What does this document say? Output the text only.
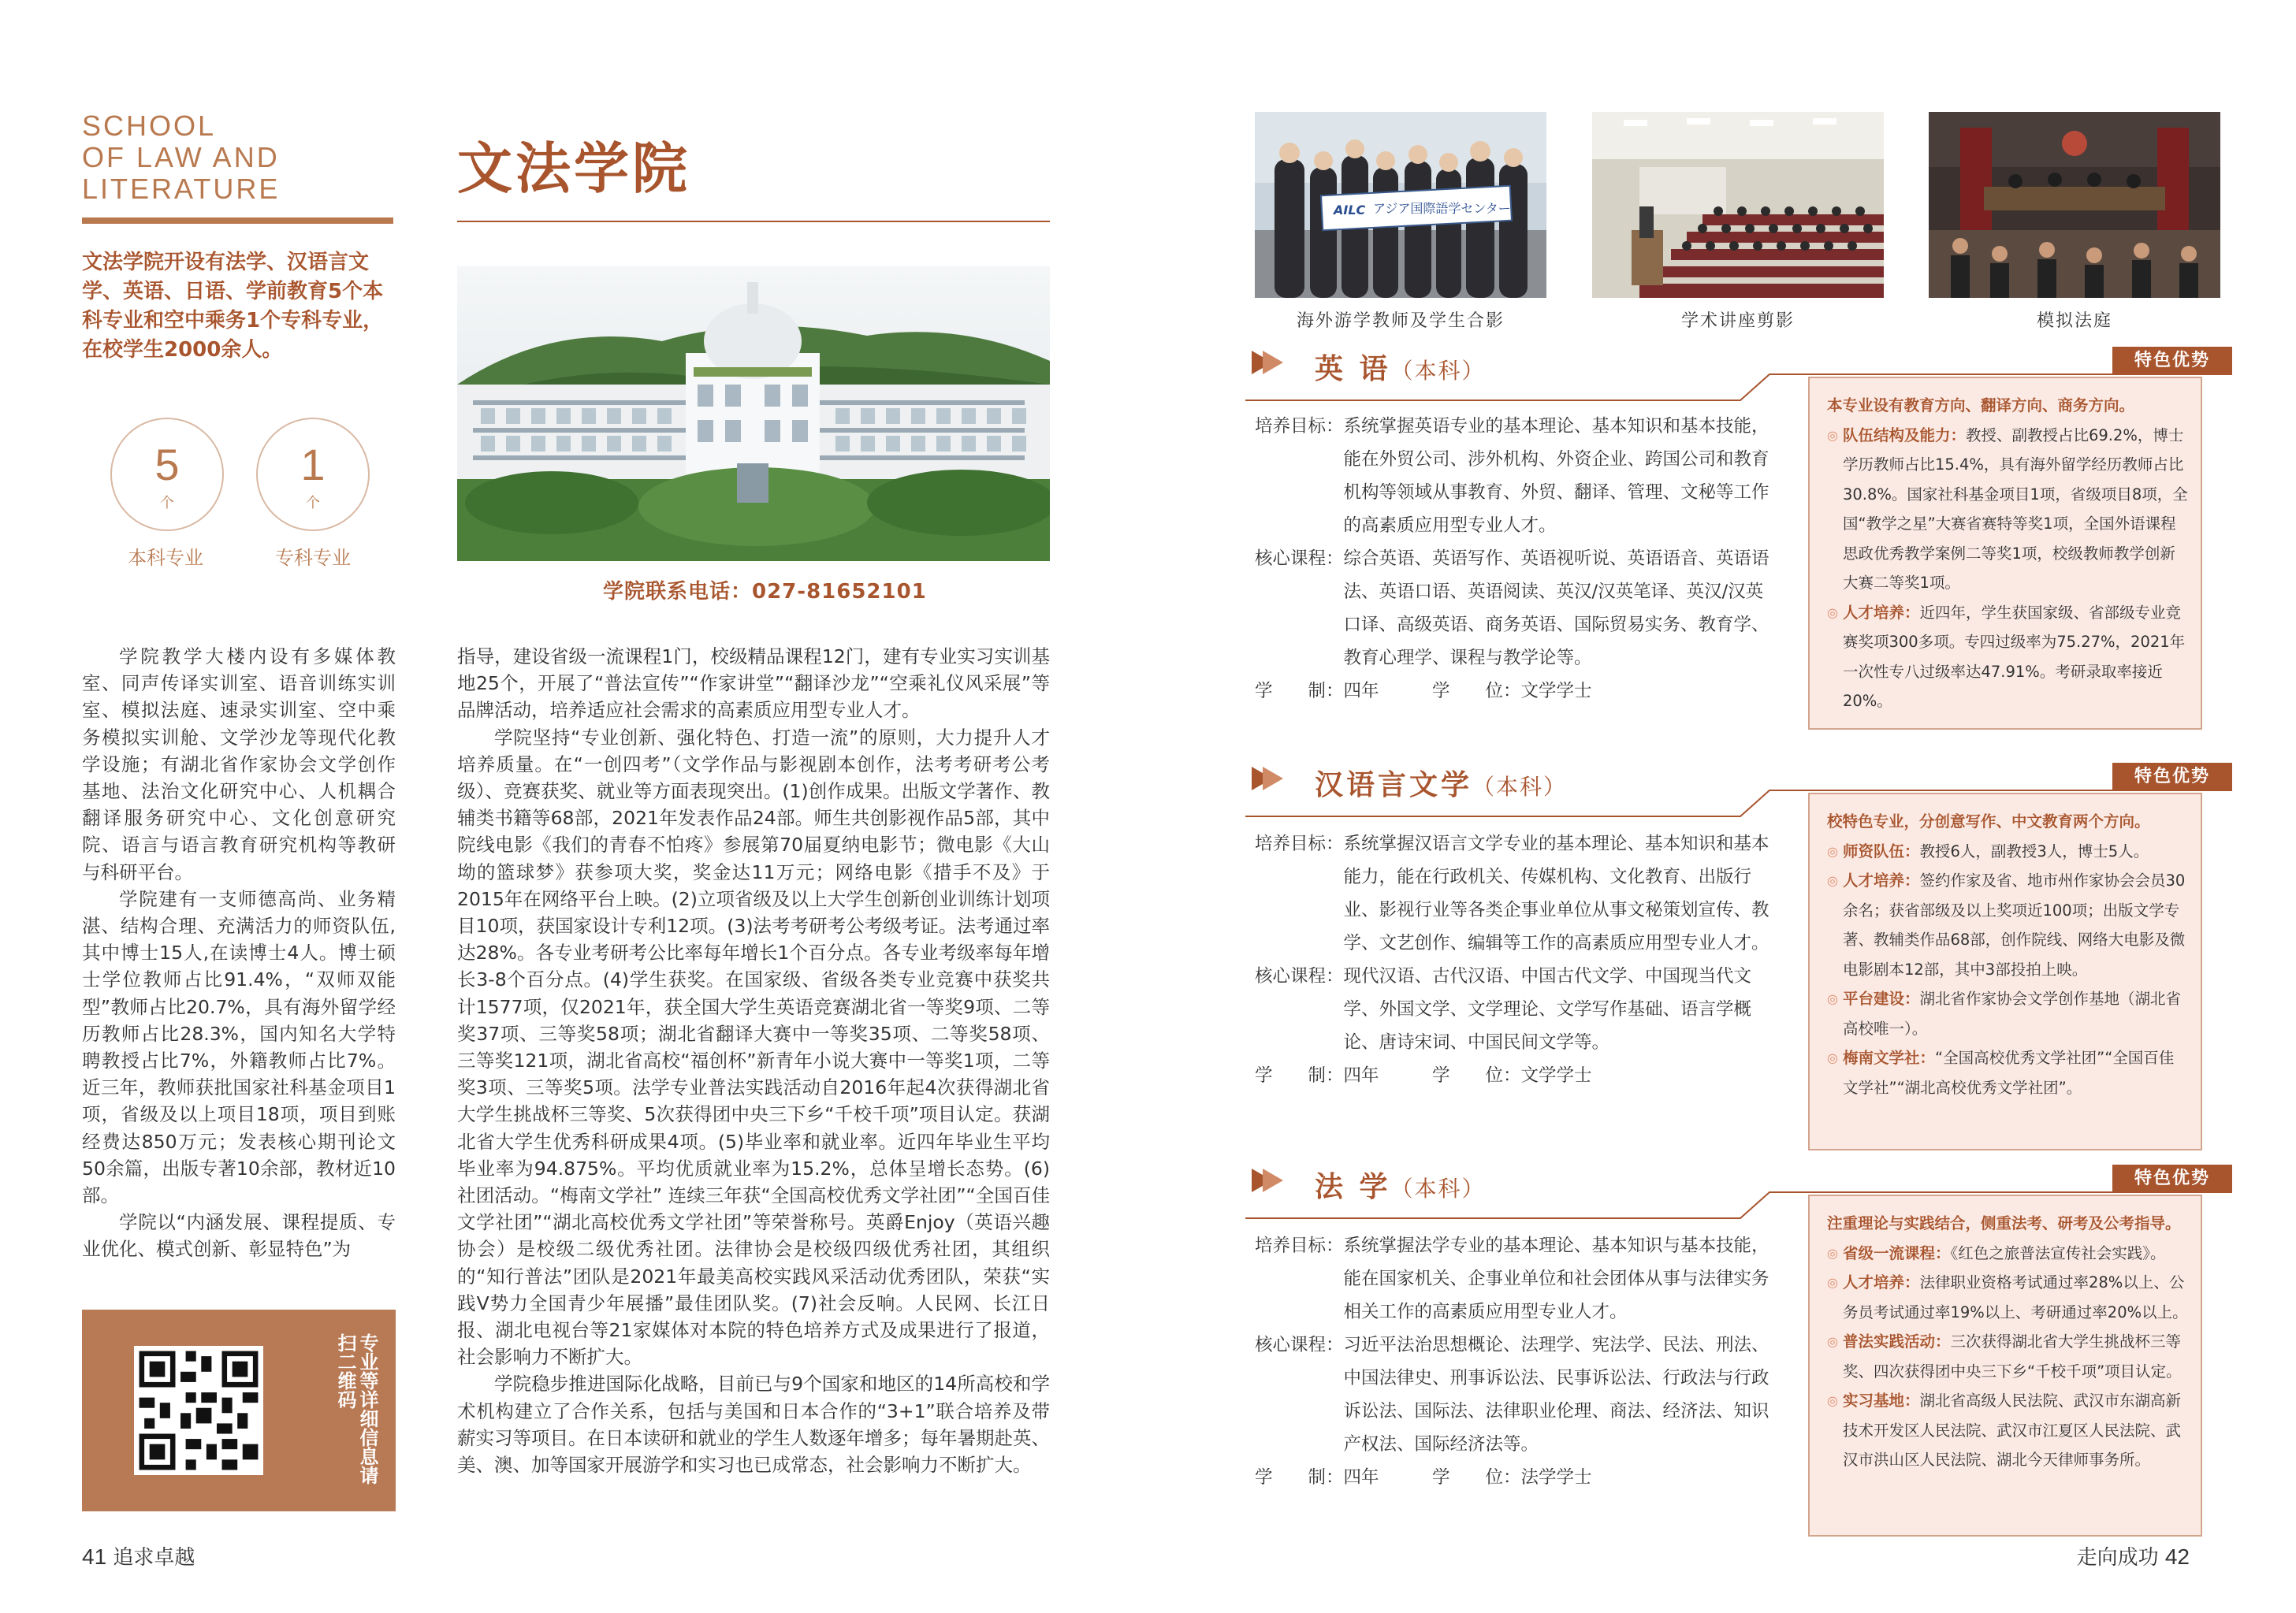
SCHOOL
OF LAW AND
LITERATURE
文法学院开设有法学、汉语言文学、英语、日语、学前教育5个本科专业和空中乘务1个专科专业，在校学生2000余人。
5
个
本科专业
1
个
专科专业
文法学院
学院联系电话：027-81652101

学院教学大楼内设有多媒体教室、同声传译实训室、语音训练实训室、模拟法庭、速录实训室、空中乘务模拟实训舱、文学沙龙等现代化教学设施；有湖北省作家协会文学创作基地、法治文化研究中心、人机耦合翻译服务研究中心、文化创意研究院、语言与语言教育研究机构等教研与科研平台。

学院建有一支师德高尚、业务精湛、结构合理、充满活力的师资队伍,其中博士15人,在读博士4人。博士硕士学位教师占比91.4%，“双师双能型”教师占比20.7%，具有海外留学经历教师占比28.3%，国内知名大学特聘教授占比7%，外籍教师占比7%。近三年，教师获批国家社科基金项目1项，省级及以上项目18项，项目到账经费达850万元；发表核心期刊论文50余篇，出版专著10余部，教材近10部。

学院以“内涵发展、课程提质、专业优化、模式创新、彰显特色”为

指导，建设省级一流课程1门，校级精品课程12门，建有专业实习实训基地25个，开展了“普法宣传”“作家讲堂”“翻译沙龙”“空乘礼仪风采展”等品牌活动，培养适应社会需求的高素质应用型专业人才。

学院坚持“专业创新、强化特色、打造一流”的原则，大力提升人才培养质量。在“一创四考”（文学作品与影视剧本创作，法考考研考公考级）、竞赛获奖、就业等方面表现突出。(1)创作成果。出版文学著作、教辅类书籍等68部，2021年发表作品24部。师生共创影视作品5部，其中院线电影《我们的青春不怕疼》参展第70届夏纳电影节；微电影《大山坳的篮球梦》获参项大奖，奖金达11万元；网络电影《措手不及》于2015年在网络平台上映。(2)立项省级及以上大学生创新创业训练计划项目10项，获国家设计专利12项。(3)法考考研考公考级考证。法考通过率达28%。各专业考研考公比率每年增长1个百分点。各专业考级率每年增长3-8个百分点。(4)学生获奖。在国家级、省级各类专业竞赛中获奖共计1577项，仅2021年，获全国大学生英语竞赛湖北省一等奖9项、二等奖37项、三等奖58项；湖北省翻译大赛中一等奖35项、二等奖58项、三等奖121项，湖北省高校“福创杯”新青年小说大赛中一等奖1项，二等奖3项、三等奖5项。法学专业普法实践活动自2016年起4次获得湖北省大学生挑战杯三等奖、5次获得团中央三下乡“千校千项”项目认定。获湖北省大学生优秀科研成果4项。(5)毕业率和就业率。近四年毕业生平均毕业率为94.875%。平均优质就业率为15.2%，总体呈增长态势。(6)社团活动。“梅南文学社” 连续三年获“全国高校优秀文学社团”“全国百佳文学社团”“湖北高校优秀文学社团”等荣誉称号。英爵Enjoy（英语兴趣协会）是校级二级优秀社团。法律协会是校级四级优秀社团，其组织的“知行普法”团队是2021年最美高校实践风采活动优秀团队，荣获“实践V势力全国青少年展播”最佳团队奖。(7)社会反响。人民网、长江日报、湖北电视台等21家媒体对本院的特色培养方式及成果进行了报道，社会影响力不断扩大。

学院稳步推进国际化战略，目前已与9个国家和地区的14所高校和学术机构建立了合作关系，包括与美国和日本合作的“3+1”联合培养及带薪实习等项目。在日本读研和就业的学生人数逐年增多；每年暑期赴英、美、澳、加等国家开展游学和实习也已成常态，社会影响力不断扩大。

专业等详细信息请扫二维码
41 追求卓越
AILC アジア国際語学センター
海外游学教师及学生合影	学术讲座剪影	模拟法庭
英 语（本科）	特色优势
培养目标： 系统掌握英语专业的基本理论、基本知识和基本技能，能在外贸公司、涉外机构、外资企业、跨国公司和教育机构等领域从事教育、外贸、翻译、管理、文秘等工作的高素质应用型专业人才。
核心课程： 综合英语、英语写作、英语视听说、英语语音、英语语法、英语口语、英语阅读、英汉/汉英笔译、英汉/汉英口译、高级英语、商务英语、国际贸易实务、教育学、教育心理学、课程与教学论等。
学　　制： 四年　　　学　　位：文学学士
本专业设有教育方向、翻译方向、商务方向。
◎ 队伍结构及能力：教授、副教授占比69.2%，博士学历教师占比15.4%，具有海外留学经历教师占比30.8%。国家社科基金项目1项，省级项目8项，全国“教学之星”大赛省赛特等奖1项，全国外语课程思政优秀教学案例二等奖1项，校级教师教学创新大赛二等奖1项。
◎ 人才培养：近四年，学生获国家级、省部级专业竞赛奖项300多项。专四过级率为75.27%，2021年一次性专八过级率达47.91%。考研录取率接近20%。
汉语言文学（本科）	特色优势
培养目标： 系统掌握汉语言文学专业的基本理论、基本知识和基本能力，能在行政机关、传媒机构、文化教育、出版行业、影视行业等各类企事业单位从事文秘策划宣传、教学、文艺创作、编辑等工作的高素质应用型专业人才。
核心课程： 现代汉语、古代汉语、中国古代文学、中国现当代文学、外国文学、文学理论、文学写作基础、语言学概论、唐诗宋词、中国民间文学等。
学　　制： 四年　　　学　　位：文学学士
校特色专业，分创意写作、中文教育两个方向。
◎ 师资队伍：教授6人，副教授3人，博士5人。
◎ 人才培养：签约作家及省、地市州作家协会会员30余名；获省部级及以上奖项近100项；出版文学专著、教辅类作品68部，创作院线、网络大电影及微电影剧本12部，其中3部投拍上映。
◎ 平台建设：湖北省作家协会文学创作基地（湖北省高校唯一）。
◎ 梅南文学社：“全国高校优秀文学社团”“全国百佳文学社”“湖北高校优秀文学社团”。
法 学（本科）	特色优势
培养目标： 系统掌握法学专业的基本理论、基本知识与基本技能，能在国家机关、企事业单位和社会团体从事与法律实务相关工作的高素质应用型专业人才。
核心课程： 习近平法治思想概论、法理学、宪法学、民法、刑法、中国法律史、刑事诉讼法、民事诉讼法、行政法与行政诉讼法、国际法、法律职业伦理、商法、经济法、知识产权法、国际经济法等。
学　　制： 四年　　　学　　位：法学学士
注重理论与实践结合，侧重法考、研考及公考指导。
◎ 省级一流课程：《红色之旅普法宣传社会实践》。
◎ 人才培养：法律职业资格考试通过率28%以上、公务员考试通过率19%以上、考研通过率20%以上。
◎ 普法实践活动：三次获得湖北省大学生挑战杯三等奖、四次获得团中央三下乡“千校千项”项目认定。
◎ 实习基地：湖北省高级人民法院、武汉市东湖高新技术开发区人民法院、武汉市江夏区人民法院、武汉市洪山区人民法院、湖北今天律师事务所。
走向成功 42
